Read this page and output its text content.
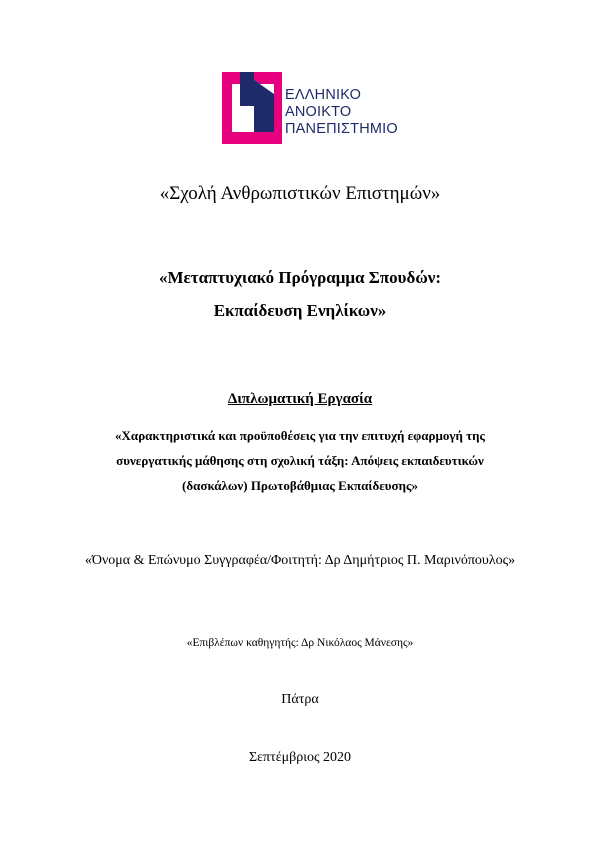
ΕΛΛΗΝΙΚΟ
ΑΝΟΙΚΤΟ
ΠΑΝΕΠΙΣΤΗΜΙΟ
«Σχολή Ανθρωπιστικών Επιστημών»
«Μεταπτυχιακό Πρόγραμμα Σπουδών:
Εκπαίδευση Ενηλίκων»
Διπλωματική Εργασία
«Χαρακτηριστικά και προϋποθέσεις για την επιτυχή εφαρμογή της
συνεργατικής μάθησης στη σχολική τάξη: Απόψεις εκπαιδευτικών
(δασκάλων) Πρωτοβάθμιας Εκπαίδευσης»
«Όνομα & Επώνυμο Συγγραφέα/Φοιτητή: Δρ Δημήτριος Π. Μαρινόπουλος»
«Επιβλέπων καθηγητής: Δρ Νικόλαος Μάνεσης»
Πάτρα
Σεπτέμβριος 2020
